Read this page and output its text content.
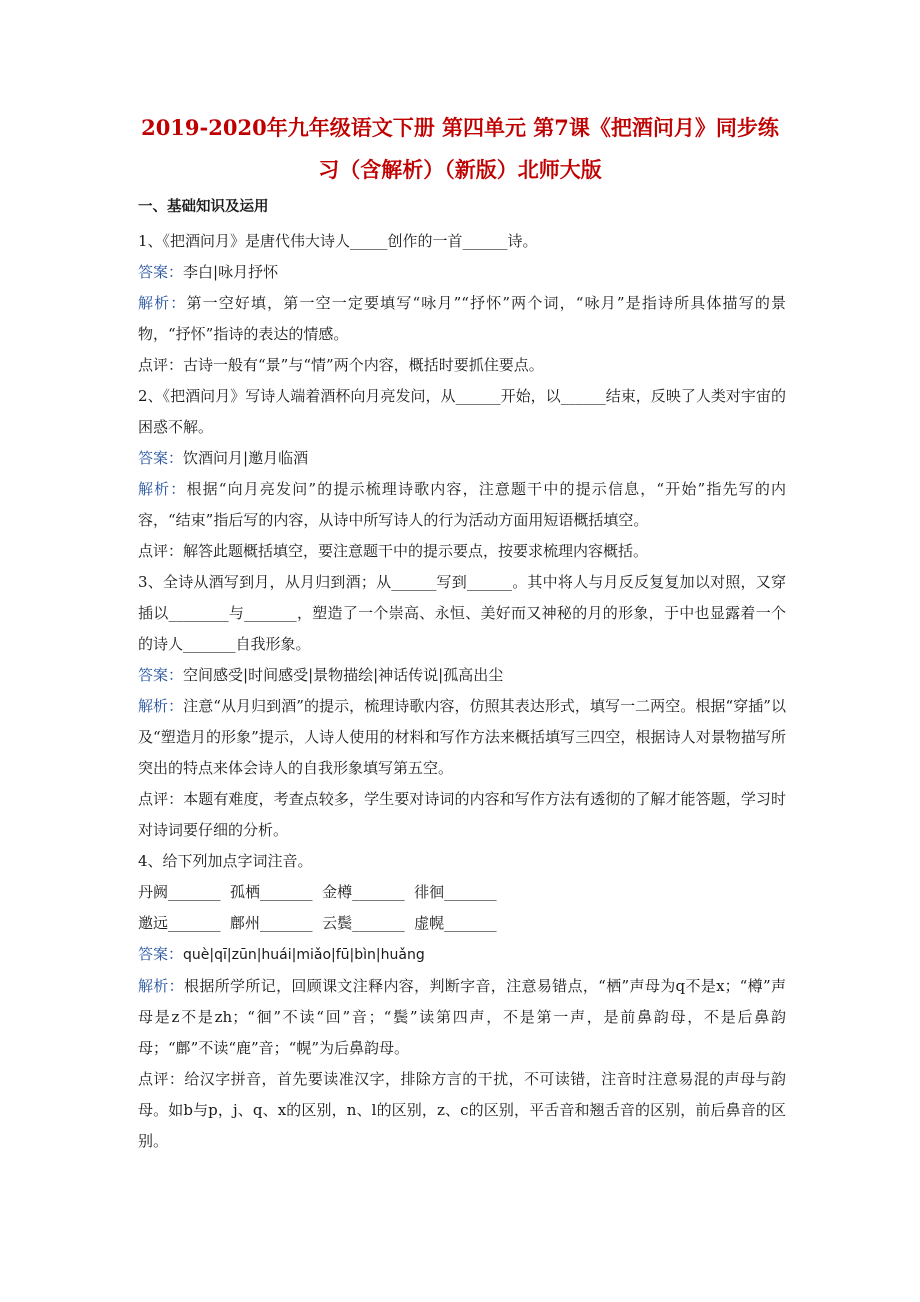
2019-2020年九年级语文下册 第四单元 第7课《把酒问月》同步练
习（含解析）（新版）北师大版
一、基础知识及运用

1、《把酒问月》是唐代伟大诗人_____创作的一首______诗。

答案：李白|咏月抒怀

解析：第一空好填，第一空一定要填写“咏月”“抒怀”两个词，“咏月”是指诗所具体描写的景物，“抒怀”指诗的表达的情感。

点评：古诗一般有“景”与“情”两个内容，概括时要抓住要点。

2、《把酒问月》写诗人端着酒杯向月亮发问，从______开始，以______结束，反映了人类对宇宙的困惑不解。

答案：饮酒问月|邀月临酒

解析：根据“向月亮发问”的提示梳理诗歌内容，注意题干中的提示信息，“开始”指先写的内容，“结束”指后写的内容，从诗中所写诗人的行为活动方面用短语概括填空。

点评：解答此题概括填空，要注意题干中的提示要点，按要求梳理内容概括。

3、全诗从酒写到月，从月归到酒；从______写到______。其中将人与月反反复复加以对照，又穿插以________与_______，塑造了一个崇高、永恒、美好而又神秘的月的形象，于中也显露着一个的诗人_______自我形象。

答案：空间感受|时间感受|景物描绘|神话传说|孤高出尘

解析：注意“从月归到酒”的提示，梳理诗歌内容，仿照其表达形式，填写一二两空。根据“穿插”以及“塑造月的形象”提示，人诗人使用的材料和写作方法来概括填写三四空，根据诗人对景物描写所突出的特点来体会诗人的自我形象填写第五空。

点评：本题有难度，考查点较多，学生要对诗词的内容和写作方法有透彻的了解才能答题，学习时对诗词要仔细的分析。

4、给下列加点字词注音。

丹阙_______  孤栖_______  金樽_______  徘徊_______

邀远_______  鄜州_______  云鬓_______  虚幌_______

答案：què|qī|zūn|huái|miǎo|fū|bìn|huǎng

解析：根据所学所记，回顾课文注释内容，判断字音，注意易错点，“栖”声母为q不是x；“樽”声母是z不是zh；“徊”不读“回”音；“鬓”读第四声，不是第一声，是前鼻韵母，不是后鼻韵母；“鄜”不读“鹿”音；“幌”为后鼻韵母。

点评：给汉字拼音，首先要读准汉字，排除方言的干扰，不可读错，注音时注意易混的声母与韵母。如b与p，j、q、x的区别，n、l的区别，z、c的区别，平舌音和翘舌音的区别，前后鼻音的区别。
